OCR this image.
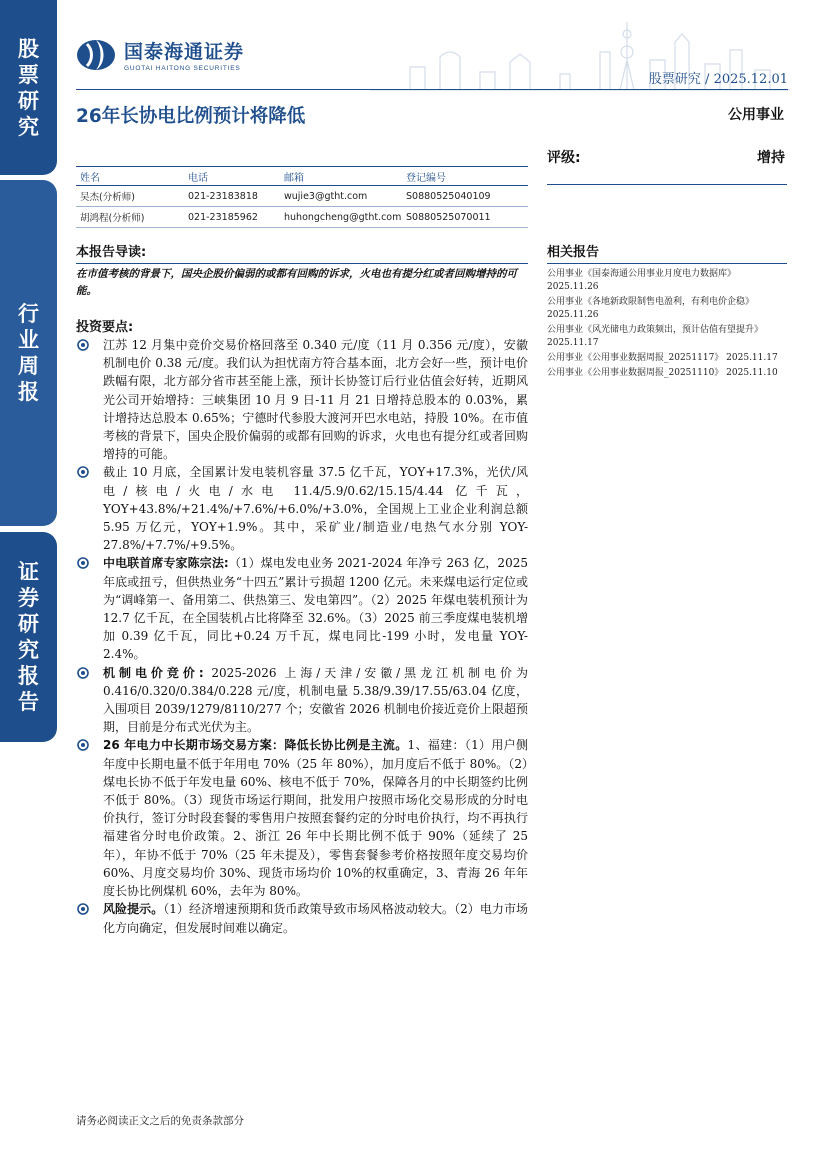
股票研究
行业周报
证券研究报告
国泰海通证券
GUOTAI HAITONG SECURITIES
股票研究 / 2025.12.01
26年长协电比例预计将降低	公用事业
姓名	电话	邮箱	登记编号
吴杰(分析师)	021-23183818	wujie3@gtht.com	S0880525040109
胡鸿程(分析师)	021-23185962	huhongcheng@gtht.com S0880525070011
评级:	增持
本报告导读:
在市值考核的背景下，国央企股价偏弱的或都有回购的诉求，火电也有提分红或者回购增持的可能。
相关报告
公用事业《国泰海通公用事业月度电力数据库》 2025.11.26
公用事业《各地新政限制售电盈利，有利电价企稳》 2025.11.26
公用事业《风光储电力政策频出，预计估值有望提升》 2025.11.17
公用事业《公用事业数据周报_20251117》 2025.11.17
公用事业《公用事业数据周报_20251110》 2025.11.10
投资要点:
江苏 12 月集中竞价交易价格回落至 0.340 元/度（11 月 0.356 元/度），安徽机制电价 0.38 元/度。我们认为担忧南方符合基本面，北方会好一些，预计电价跌幅有限，北方部分省市甚至能上涨，预计长协签订后行业估值会好转，近期风光公司开始增持：三峡集团 10 月 9 日-11 月 21 日增持总股本的 0.03%，累计增持达总股本 0.65%；宁德时代参股大渡河开巴水电站，持股 10%。在市值考核的背景下，国央企股价偏弱的或都有回购的诉求，火电也有提分红或者回购增持的可能。
截止 10 月底，全国累计发电装机容量 37.5 亿千瓦，YOY+17.3%，光伏/风电/核电/火电/水电 11.4/5.9/0.62/15.15/4.44 亿千瓦，YOY+43.8%/+21.4%/+7.6%/+6.0%/+3.0%，全国规上工业企业利润总额 5.95 万亿元，YOY+1.9%。其中，采矿业/制造业/电热气水分别 YOY-27.8%/+7.7%/+9.5%。
中电联首席专家陈宗法:（1）煤电发电业务 2021-2024 年净亏 263 亿，2025 年底或扭亏，但供热业务“十四五”累计亏损超 1200 亿元。未来煤电运行定位或为“调峰第一、备用第二、供热第三、发电第四”。（2）2025 年煤电装机预计为 12.7 亿千瓦，在全国装机占比将降至 32.6%。（3）2025 前三季度煤电装机增加 0.39 亿千瓦，同比+0.24 万千瓦，煤电同比-199 小时，发电量 YOY-2.4%。
机制电价竞价: 2025-2026 上海/天津/安徽/黑龙江机制电价为 0.416/0.320/0.384/0.228 元/度，机制电量 5.38/9.39/17.55/63.04 亿度，入围项目 2039/1279/8110/277 个；安徽省 2026 机制电价接近竞价上限超预期，目前是分布式光伏为主。
26 年电力中长期市场交易方案：降低长协比例是主流。1、福建：（1）用户侧年度中长期电量不低于年用电 70%（25 年 80%），加月度后不低于 80%。（2）煤电长协不低于年发电量 60%、核电不低于 70%，保障各月的中长期签约比例不低于 80%。（3）现货市场运行期间，批发用户按照市场化交易形成的分时电价执行，签订分时段套餐的零售用户按照套餐约定的分时电价执行，均不再执行福建省分时电价政策。2、浙江 26 年中长期比例不低于 90%（延续了 25 年），年协不低于 70%（25 年未提及），零售套餐参考价格按照年度交易均价 60%、月度交易均价 30%、现货市场均价 10%的权重确定，3、青海 26 年年度长协比例煤机 60%，去年为 80%。
风险提示。（1）经济增速预期和货币政策导致市场风格波动较大。（2）电力市场化方向确定，但发展时间难以确定。
请务必阅读正文之后的免责条款部分
